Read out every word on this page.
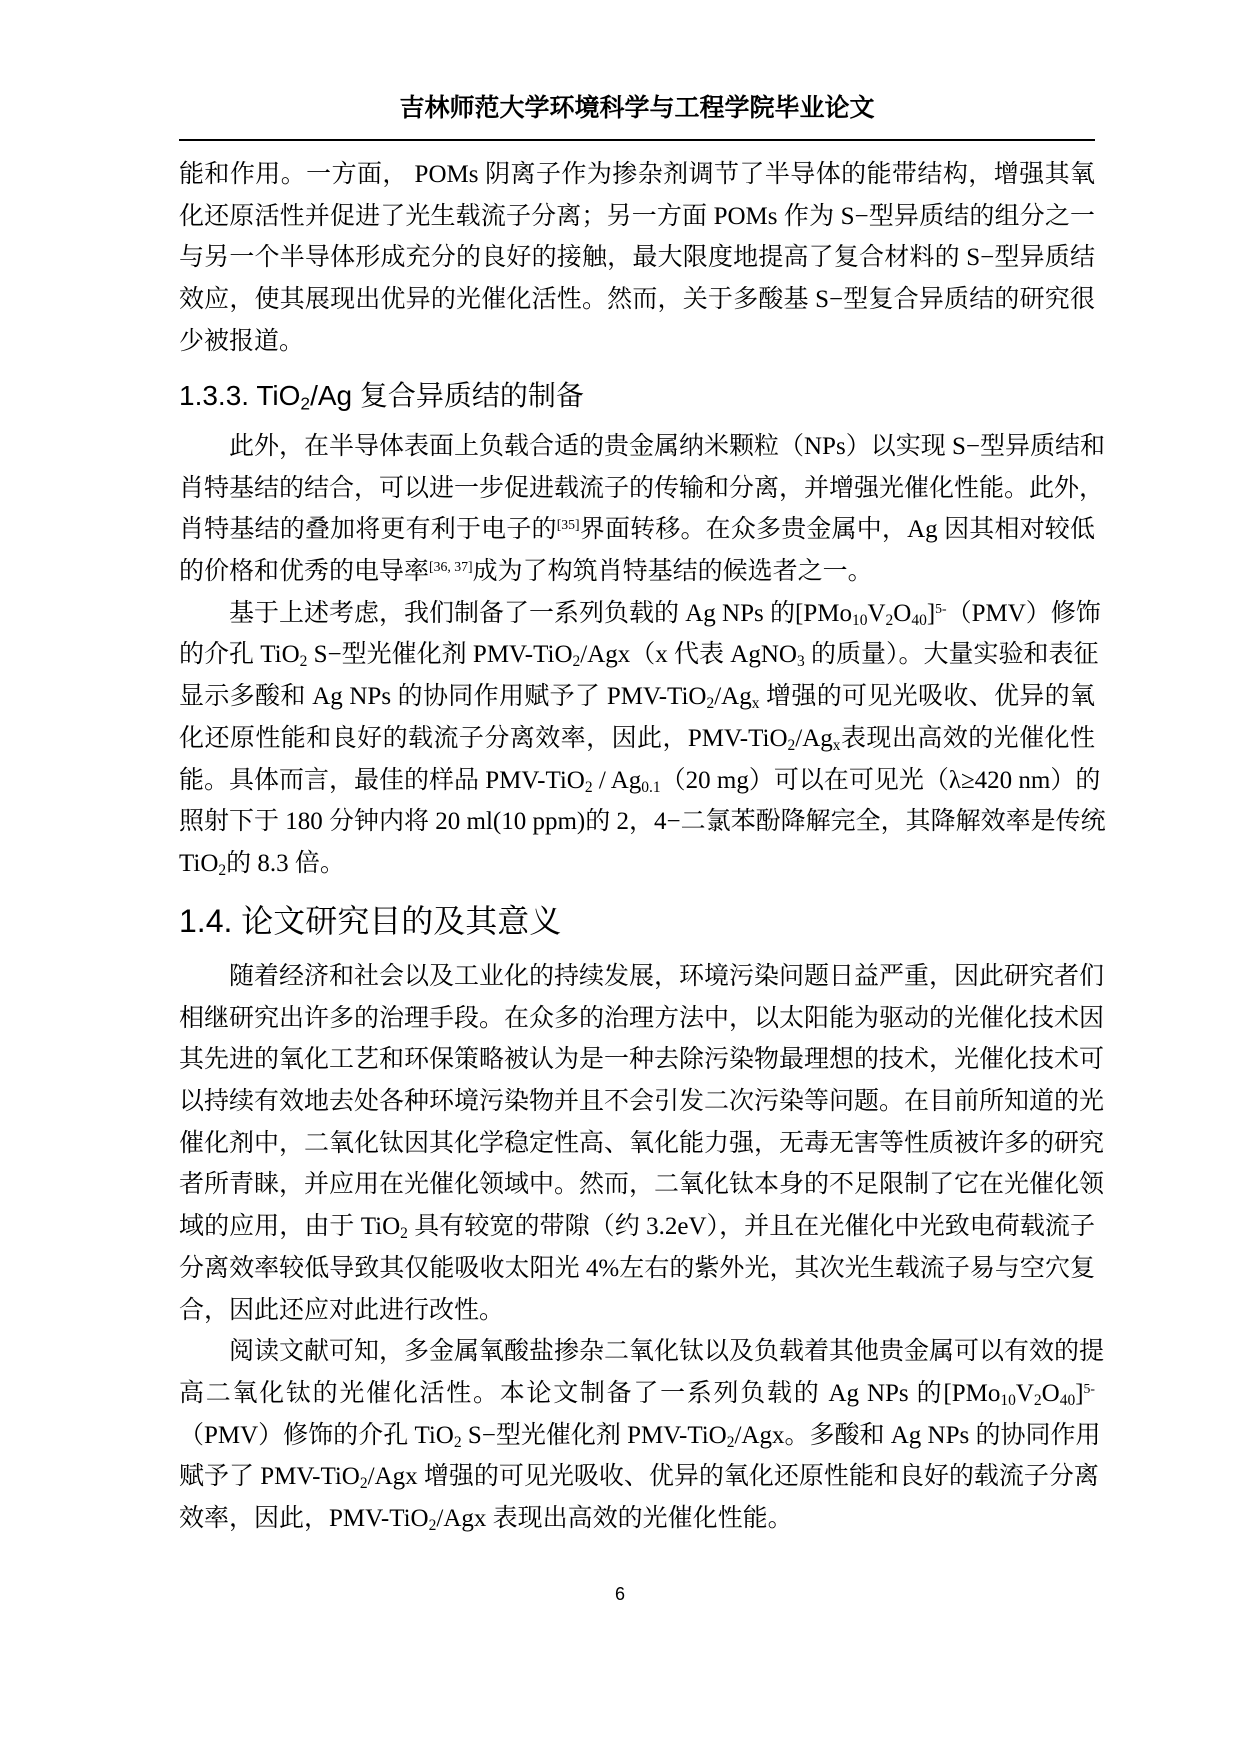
吉林师范大学环境科学与工程学院毕业论文
能和作用。一方面， POMs 阴离子作为掺杂剂调节了半导体的能带结构，增强其氧
化还原活性并促进了光生载流子分离；另一方面 POMs 作为 S−型异质结的组分之一
与另一个半导体形成充分的良好的接触，最大限度地提高了复合材料的 S−型异质结
效应，使其展现出优异的光催化活性。然而，关于多酸基 S−型复合异质结的研究很
少被报道。
1.3.3. TiO$_2$/Ag 复合异质结的制备
此外，在半导体表面上负载合适的贵金属纳米颗粒（NPs）以实现 S−型异质结和
肖特基结的结合，可以进一步促进载流子的传输和分离，并增强光催化性能。此外，
肖特基结的叠加将更有利于电子的[35]界面转移。在众多贵金属中，Ag 因其相对较低
的价格和优秀的电导率[36, 37]成为了构筑肖特基结的候选者之一。
基于上述考虑，我们制备了一系列负载的 Ag NPs 的$[PMo_{10}V_2O_{40}]^{5-}(PMV)$修饰
的介孔 TiO$_2$ S−型光催化剂 PMV-TiO$_2$/Agx（x 代表 AgNO$_3$ 的质量）。大量实验和表征
显示多酸和 Ag NPs 的协同作用赋予了 PMV-$TiO_2/Ag_x$ 增强的可见光吸收、优异的氧
化还原性能和良好的载流子分离效率，因此，PMV-$TiO_2/Ag_x$表现出高效的光催化性
能。具体而言，最佳的样品 $PMV-TiO_2 / Ag_{0.1}(20$ mg）可以在可见光（λ≥420 nm）的
照射下于 180 分钟内将 20 ml(10 ppm)的 2，4−二氯苯酚降解完全，其降解效率是传统
TiO$_2$的 8.3 倍。
1.4. 论文研究目的及其意义
随着经济和社会以及工业化的持续发展，环境污染问题日益严重，因此研究者们
相继研究出许多的治理手段。在众多的治理方法中，以太阳能为驱动的光催化技术因
其先进的氧化工艺和环保策略被认为是一种去除污染物最理想的技术，光催化技术可
以持续有效地去处各种环境污染物并且不会引发二次污染等问题。在目前所知道的光
催化剂中，二氧化钛因其化学稳定性高、氧化能力强，无毒无害等性质被许多的研究
者所青睐，并应用在光催化领域中。然而，二氧化钛本身的不足限制了它在光催化领
域的应用，由于 TiO$_2$ 具有较宽的带隙（约 3.2eV），并且在光催化中光致电荷载流子
分离效率较低导致其仅能吸收太阳光 4%左右的紫外光，其次光生载流子易与空穴复
合，因此还应对此进行改性。
阅读文献可知，多金属氧酸盐掺杂二氧化钛以及负载着其他贵金属可以有效的提
高二氧化钛的光催化活性。本论文制备了一系列负载的 Ag NPs 的$[PMo_{10}V_2O_{40}]^{5-}$
（PMV）修饰的介孔 TiO$_2$ S−型光催化剂 PMV-TiO$_2$/Agx。多酸和 Ag NPs 的协同作用
赋予了 PMV-TiO$_2$/Agx 增强的可见光吸收、优异的氧化还原性能和良好的载流子分离
效率，因此，PMV-TiO$_2$/Agx 表现出高效的光催化性能。
6
